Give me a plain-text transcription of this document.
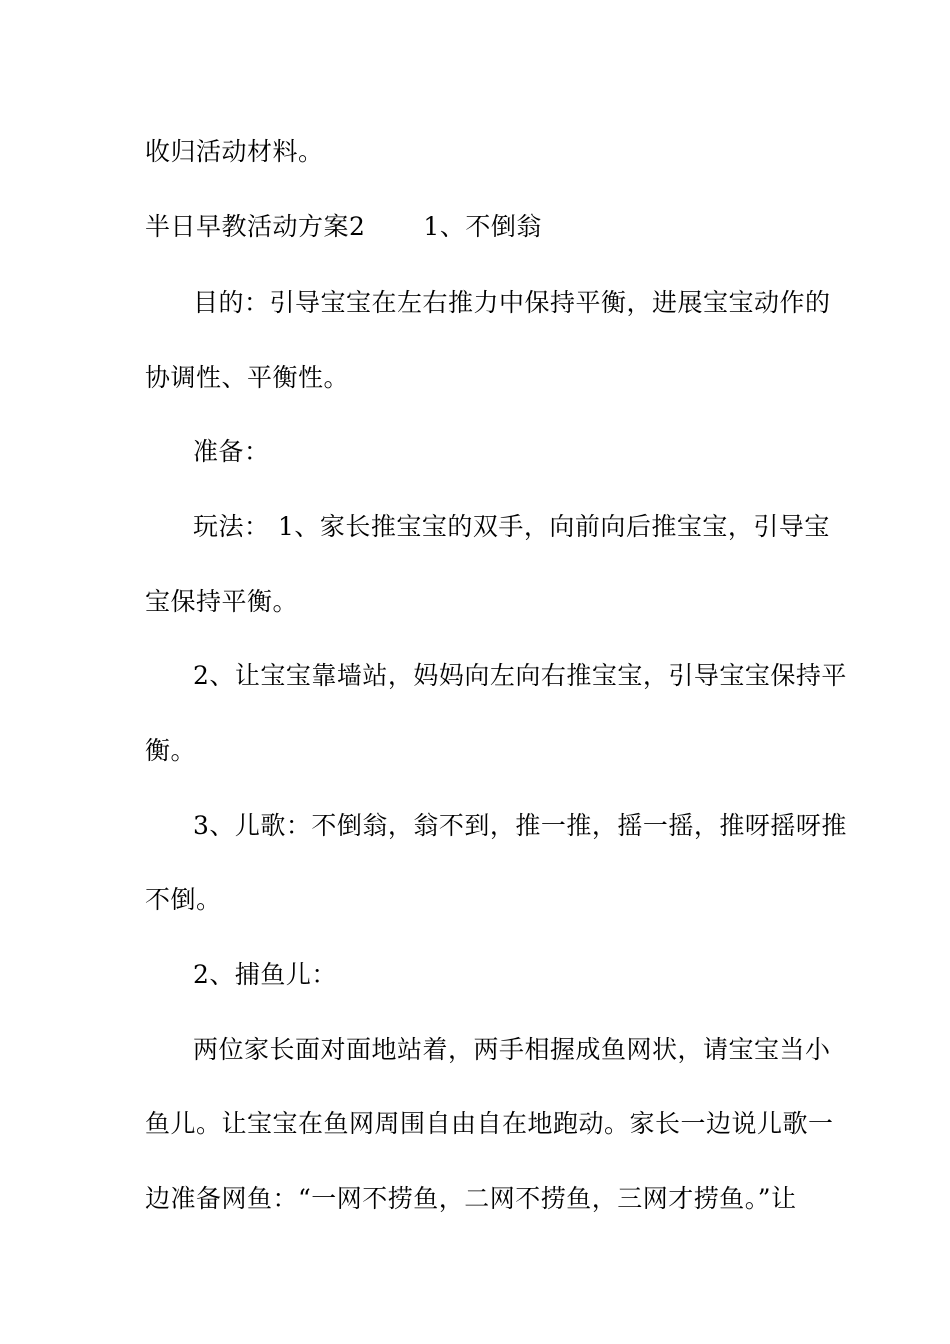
收归活动材料。
半日早教活动方案2 1、不倒翁
目的：引导宝宝在左右推力中保持平衡，进展宝宝动作的
协调性、平衡性。
准备：
玩法： 1、家长推宝宝的双手，向前向后推宝宝，引导宝
宝保持平衡。
2、让宝宝靠墙站，妈妈向左向右推宝宝，引导宝宝保持平
衡。
3、儿歌：不倒翁，翁不到，推一推，摇一摇，推呀摇呀推
不倒。
2、捕鱼儿：
两位家长面对面地站着，两手相握成鱼网状，请宝宝当小
鱼儿。让宝宝在鱼网周围自由自在地跑动。家长一边说儿歌一
边准备网鱼：“一网不捞鱼，二网不捞鱼，三网才捞鱼。”让
